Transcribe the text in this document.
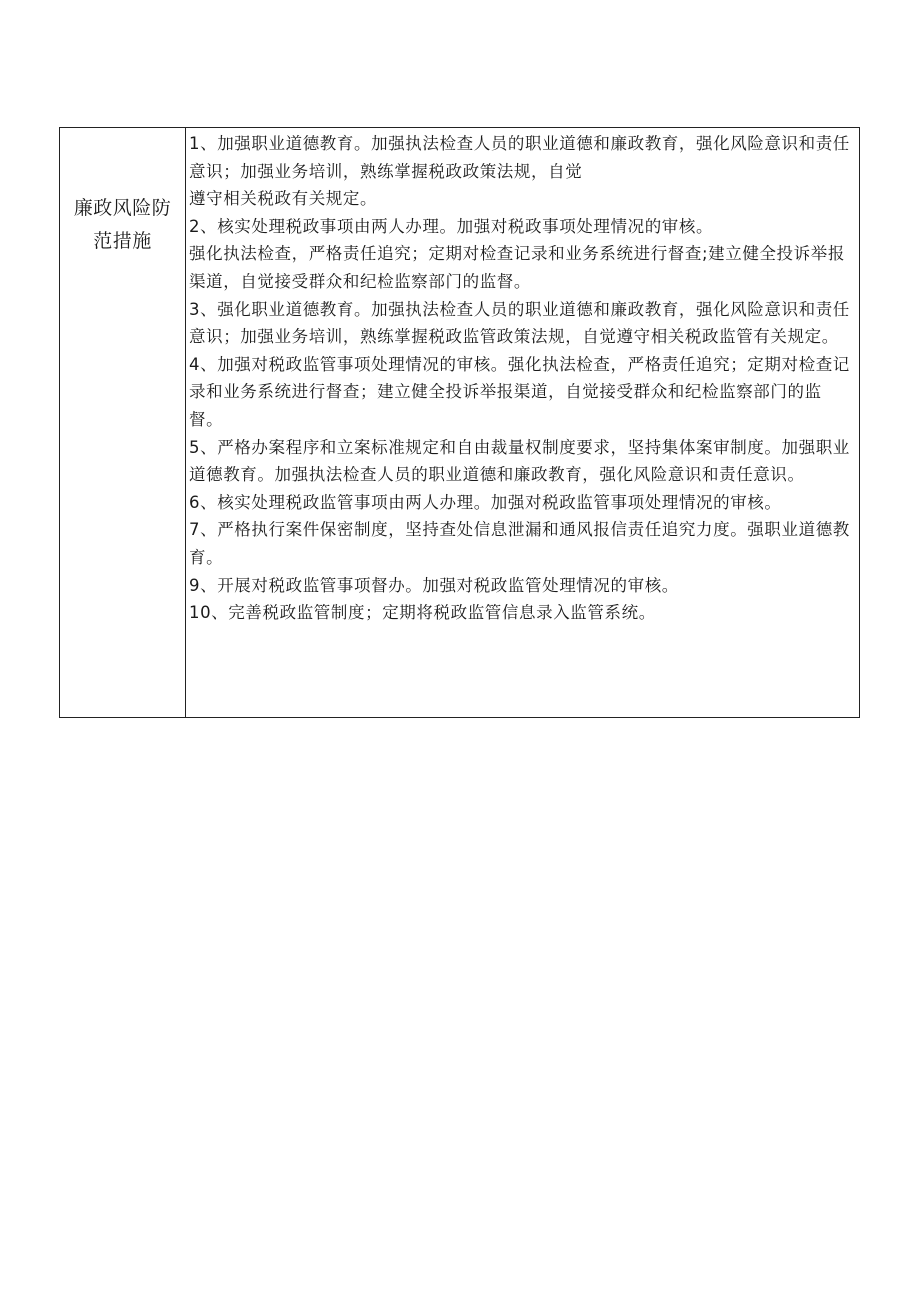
廉政风险防
范措施

1、加强职业道德教育。加强执法检查人员的职业道德和廉政教育，强化风险意识和责任意识；加强业务培训，熟练掌握税政政策法规，自觉

遵守相关税政有关规定。

2、核实处理税政事项由两人办理。加强对税政事项处理情况的审核。

强化执法检查，严格责任追究；定期对检查记录和业务系统进行督查;建立健全投诉举报渠道，自觉接受群众和纪检监察部门的监督。

3、强化职业道德教育。加强执法检查人员的职业道德和廉政教育，强化风险意识和责任意识；加强业务培训，熟练掌握税政监管政策法规，自觉遵守相关税政监管有关规定。

4、加强对税政监管事项处理情况的审核。强化执法检查，严格责任追究；定期对检查记录和业务系统进行督查；建立健全投诉举报渠道，自觉接受群众和纪检监察部门的监督。

5、严格办案程序和立案标准规定和自由裁量权制度要求，坚持集体案审制度。加强职业道德教育。加强执法检查人员的职业道德和廉政教育，强化风险意识和责任意识。

6、核实处理税政监管事项由两人办理。加强对税政监管事项处理情况的审核。

7、严格执行案件保密制度，坚持查处信息泄漏和通风报信责任追究力度。强职业道德教育。

9、开展对税政监管事项督办。加强对税政监管处理情况的审核。

10、完善税政监管制度；定期将税政监管信息录入监管系统。
